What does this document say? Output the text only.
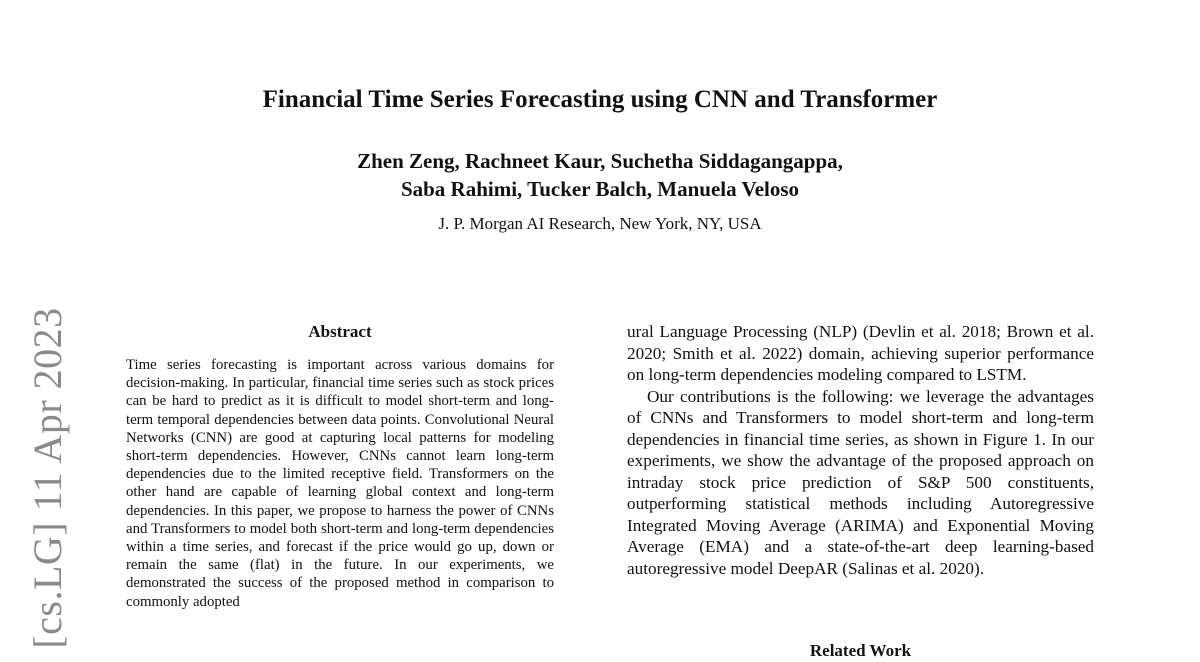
Financial Time Series Forecasting using CNN and Transformer
Zhen Zeng, Rachneet Kaur, Suchetha Siddagangappa,
Saba Rahimi, Tucker Balch, Manuela Veloso
J. P. Morgan AI Research, New York, NY, USA
[cs.LG] 11 Apr 2023	Abstract

Time series forecasting is important across various domains for decision-making. In particular, financial time series such as stock prices can be hard to predict as it is difficult to model short-term and long-term temporal dependencies between data points. Convolutional Neural Networks (CNN) are good at capturing local patterns for modeling short-term dependencies. However, CNNs cannot learn long-term dependencies due to the limited receptive field. Transformers on the other hand are capable of learning global context and long-term dependencies. In this paper, we propose to harness the power of CNNs and Transformers to model both short-term and long-term dependencies within a time series, and forecast if the price would go up, down or remain the same (flat) in the future. In our experiments, we demonstrated the success of the proposed method in comparison to commonly adopted

ural Language Processing (NLP) (Devlin et al. 2018; Brown et al. 2020; Smith et al. 2022) domain, achieving superior performance on long-term dependencies modeling compared to LSTM.

Our contributions is the following: we leverage the advantages of CNNs and Transformers to model short-term and long-term dependencies in financial time series, as shown in Figure 1. In our experiments, we show the advantage of the proposed approach on intraday stock price prediction of S&P 500 constituents, outperforming statistical methods including Autoregressive Integrated Moving Average (ARIMA) and Exponential Moving Average (EMA) and a state-of-the-art deep learning-based autoregressive model DeepAR (Salinas et al. 2020).

Related Work
